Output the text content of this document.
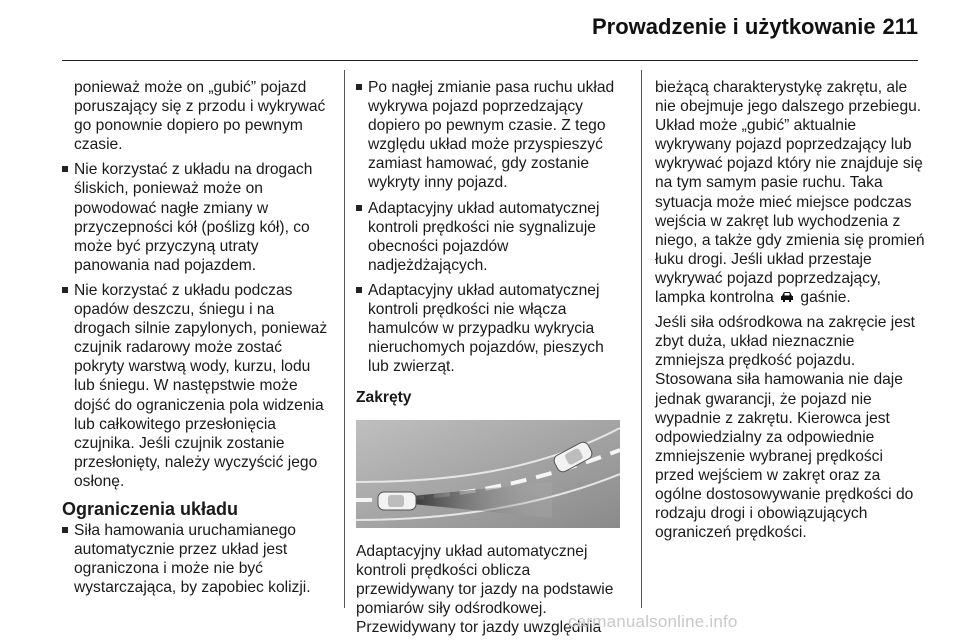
Prowadzenie i użytkowanie 211
ponieważ może on „gubić” pojazd poruszający się z przodu i wykrywać go ponownie dopiero po pewnym czasie.
Nie korzystać z układu na drogach śliskich, ponieważ może on powodować nagłe zmiany w przyczepności kół (poślizg kół), co może być przyczyną utraty panowania nad pojazdem.
Nie korzystać z układu podczas opadów deszczu, śniegu i na drogach silnie zapylonych, ponieważ czujnik radarowy może zostać pokryty warstwą wody, kurzu, lodu lub śniegu. W następstwie może dojść do ograniczenia pola widzenia lub całkowitego przesłonięcia czujnika. Jeśli czujnik zostanie przesłonięty, należy wyczyścić jego osłonę.
Ograniczenia układu
Siła hamowania uruchamianego automatycznie przez układ jest ograniczona i może nie być wystarczająca, by zapobiec kolizji.
Po nagłej zmianie pasa ruchu układ wykrywa pojazd poprzedzający dopiero po pewnym czasie. Z tego względu układ może przyspieszyć zamiast hamować, gdy zostanie wykryty inny pojazd.
Adaptacyjny układ automatycznej kontroli prędkości nie sygnalizuje obecności pojazdów nadjeżdżających.
Adaptacyjny układ automatycznej kontroli prędkości nie włącza hamulców w przypadku wykrycia nieruchomych pojazdów, pieszych lub zwierząt.
Zakręty
Adaptacyjny układ automatycznej kontroli prędkości oblicza przewidywany tor jazdy na podstawie pomiarów siły odśrodkowej. Przewidywany tor jazdy uwzględnia

bieżącą charakterystykę zakrętu, ale nie obejmuje jego dalszego przebiegu. Układ może „gubić” aktualnie wykrywany pojazd poprzedzający lub wykrywać pojazd który nie znajduje się na tym samym pasie ruchu. Taka sytuacja może mieć miejsce podczas wejścia w zakręt lub wychodzenia z niego, a także gdy zmienia się promień łuku drogi. Jeśli układ przestaje wykrywać pojazd poprzedzający, lampka kontrolna  gaśnie.

Jeśli siła odśrodkowa na zakręcie jest zbyt duża, układ nieznacznie zmniejsza prędkość pojazdu. Stosowana siła hamowania nie daje jednak gwarancji, że pojazd nie wypadnie z zakrętu. Kierowca jest odpowiedzialny za odpowiednie zmniejszenie wybranej prędkości przed wejściem w zakręt oraz za ogólne dostosowywanie prędkości do rodzaju drogi i obowiązujących ograniczeń prędkości.

carmanualsonline.info
